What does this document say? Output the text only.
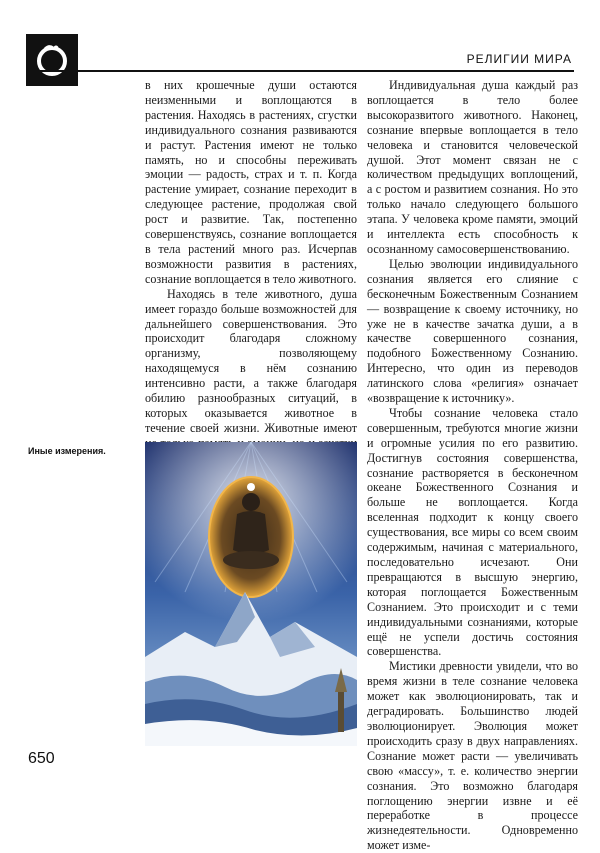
РЕЛИГИИ МИРА

в них крошечные души остаются неизменными и воплощаются в растения. Находясь в растениях, сгустки индивидуального сознания развиваются и растут. Растения имеют не только память, но и способны переживать эмоции — радость, страх и т. п. Когда растение умирает, сознание переходит в следующее растение, продолжая свой рост и развитие. Так, постепенно совершенствуясь, сознание воплощается в тела растений много раз. Исчерпав возможности развития в растениях, сознание воплощается в тело животного.

Находясь в теле животного, душа имеет гораздо больше возможностей для дальнейшего совершенствования. Это происходит благодаря сложному организму, позволяющему находящемуся в нём сознанию интенсивно расти, а также благодаря обилию разнообразных ситуаций, в которых оказывается животное в течение своей жизни. Животные имеют

Иные измерения.

Индивидуальная душа каждый раз воплощается в тело более высокоразвитого животного. Наконец, сознание впервые воплощается в тело человека и становится человеческой душой. Этот момент связан не с количеством предыдущих воплощений, а с ростом и развитием сознания. Но это только начало следующего большого этапа. У человека кроме памяти, эмоций и интеллекта есть способность к осознанному самосовершенствованию.

Целью эволюции индивидуального сознания является его слияние с бесконечным Божественным Сознанием — возвращение к своему источнику, но уже не в качестве зачатка души, а в качестве совершенного сознания, подобного Божественному Сознанию. Интересно, что один из переводов латинского слова «религия» означает «возвращение к источнику».

Чтобы сознание человека стало совершенным, требуются многие жизни и огромные усилия по его развитию. Достигнув состояния совершенства, сознание растворяется в бесконечном океане Божественного Сознания и больше не воплощается. Когда вселенная подходит к концу своего существования, все миры со всем своим содержимым, начиная с материального, последовательно исчезают. Они превращаются в высшую энергию, которая поглощается Божественным Сознанием. Это происходит и с теми индивидуальными сознаниями, которые ещё не успели достичь состояния совершенства.

Мистики древности увидели, что во время жизни в теле сознание человека может как эволюционировать, так и деградировать. Большинство людей эволюционирует. Эволюция может происходить сразу в двух направлениях. Сознание может расти — увеличивать свою «массу», т. е. количество энергии сознания. Это возможно благодаря поглощению энергии извне и её переработке в процессе жизнедеятельности. Одновременно может изме-

650
